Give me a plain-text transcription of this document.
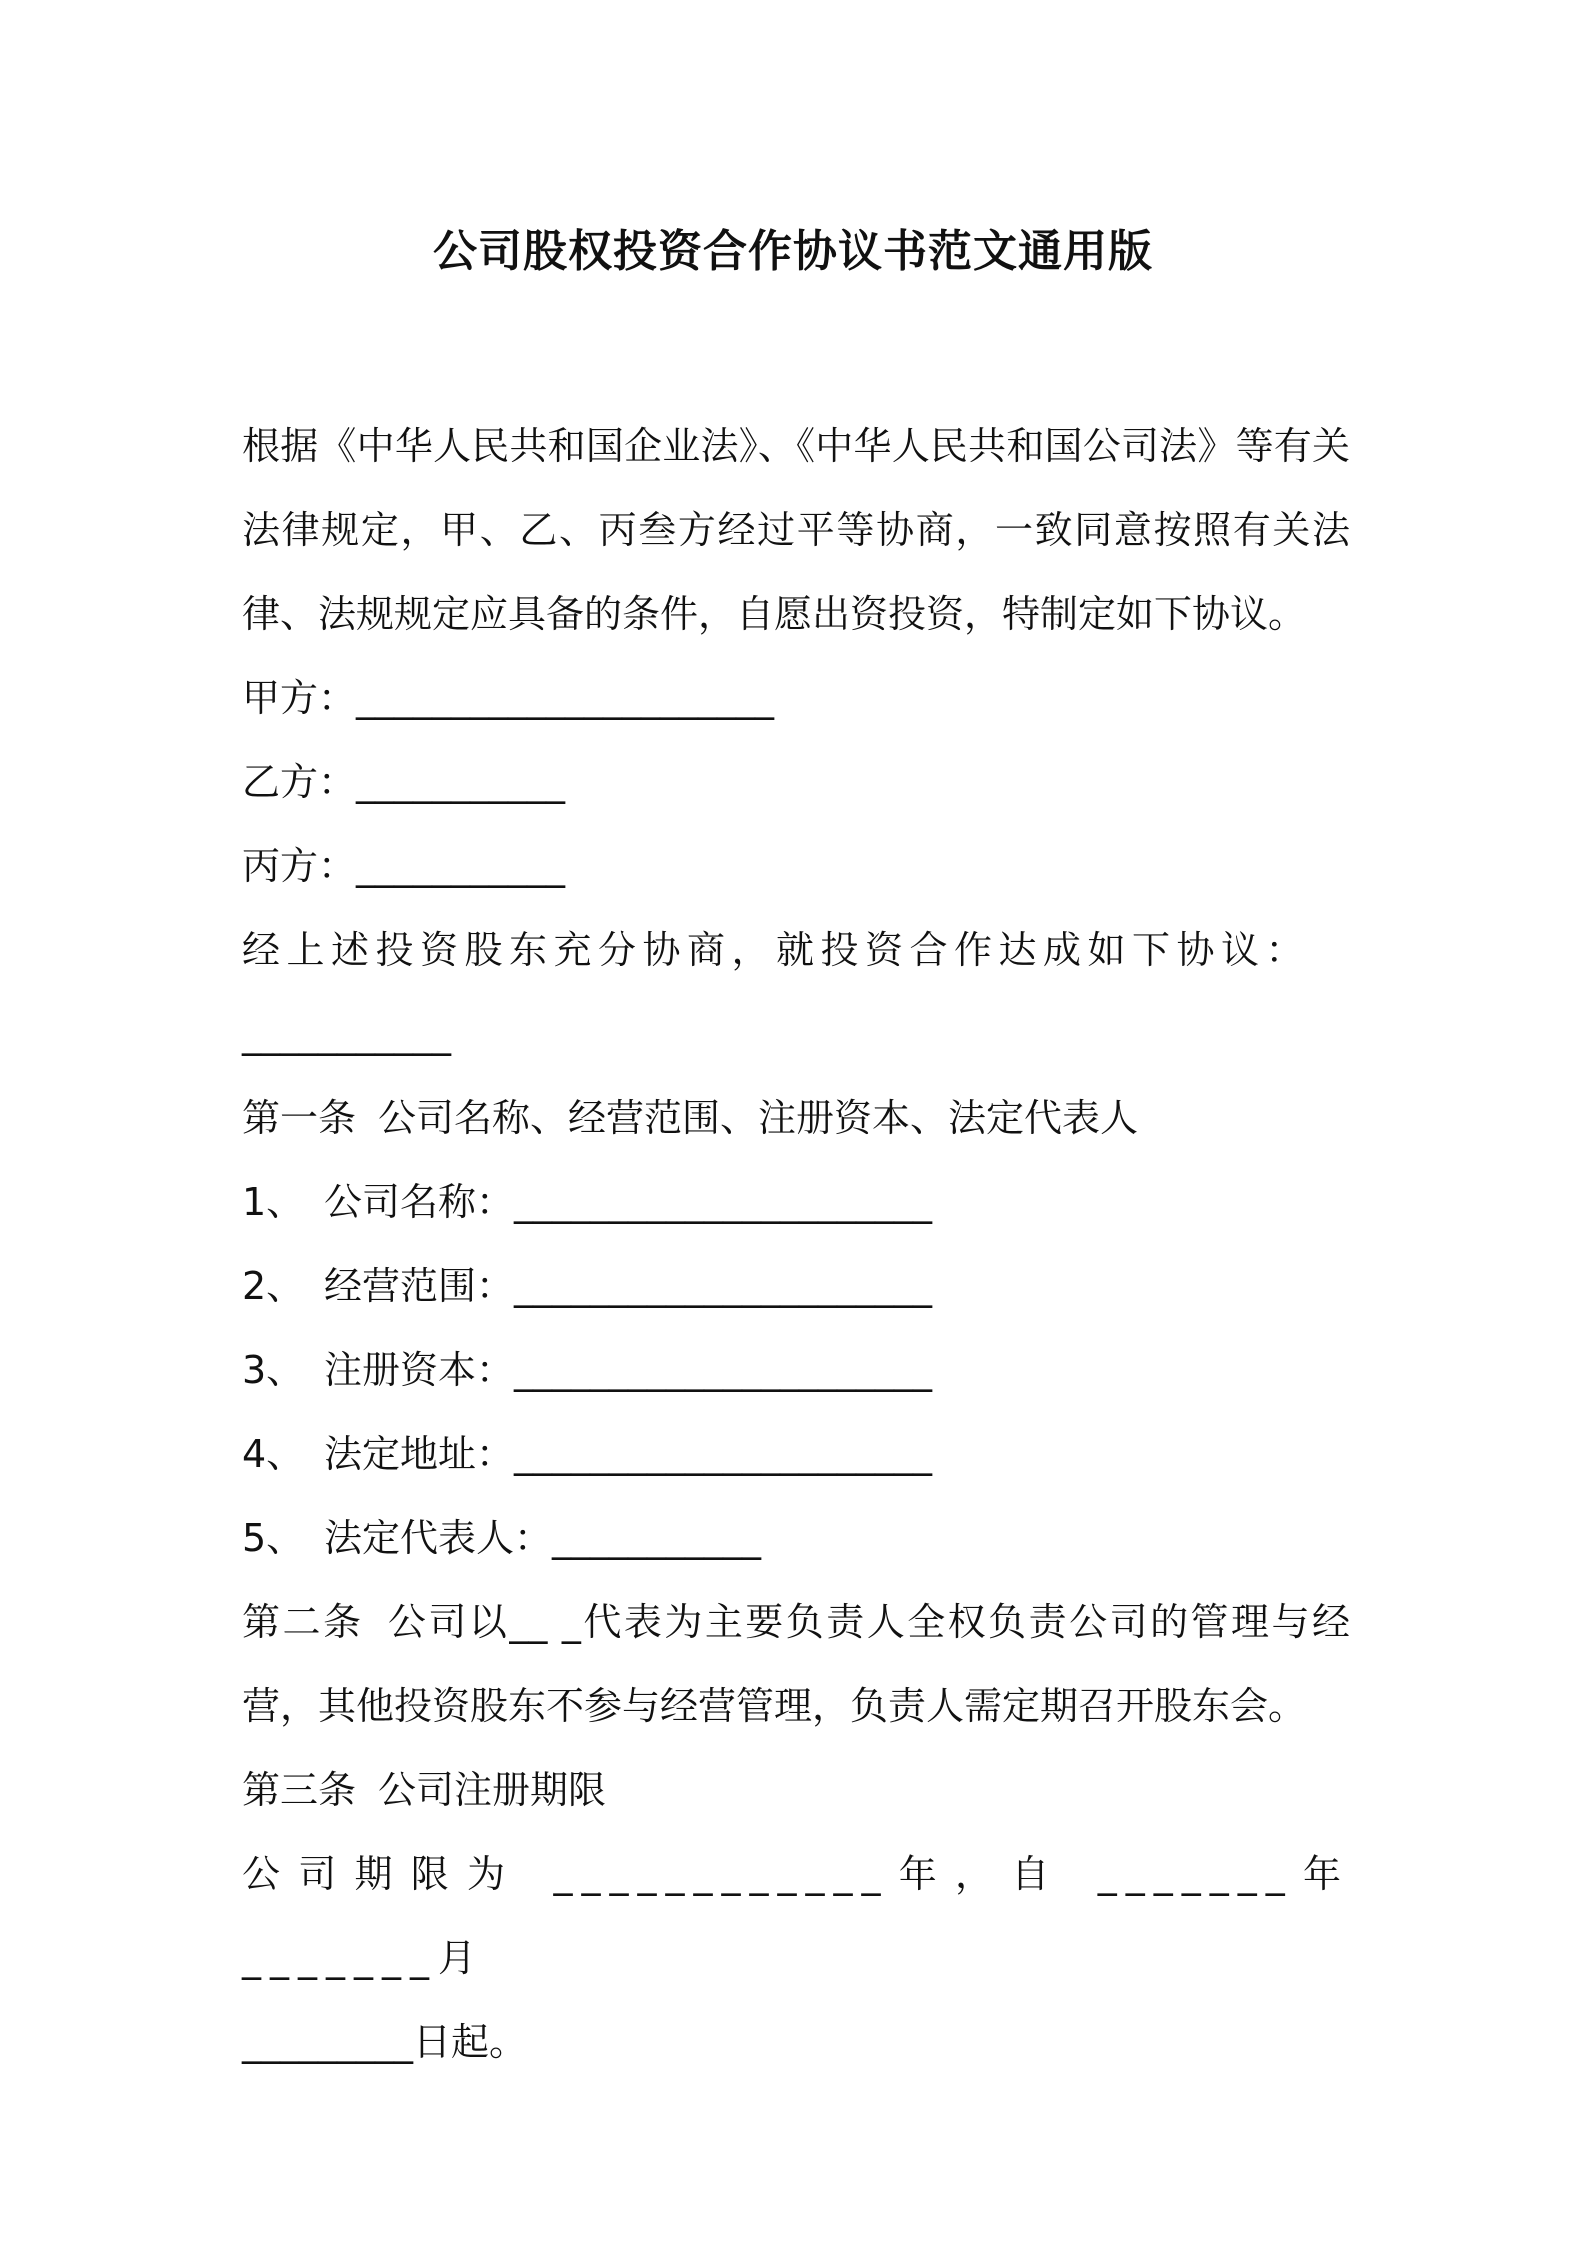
公司股权投资合作协议书范文通用版

根据《中华人民共和国企业法》、《中华人民共和国公司法》等有关法律规定，甲、乙、丙叁方经过平等协商，一致同意按照有关法律、法规规定应具备的条件，自愿出资投资，特制定如下协议。

甲方：______________________
乙方：___________
丙方：___________

经上述投资股东充分协商，就投资合作达成如下协议：
___________

第一条 公司名称、经营范围、注册资本、法定代表人
1、 公司名称：______________________
2、 经营范围：______________________
3、 注册资本：______________________
4、 法定地址：______________________
5、 法定代表人：___________

第二条 公司以__ _代表为主要负责人全权负责公司的管理与经营，其他投资股东不参与经营管理，负责人需定期召开股东会。

第三条 公司注册期限

公司期限为 ____________年，自 _______年 _______月
_________日起。
